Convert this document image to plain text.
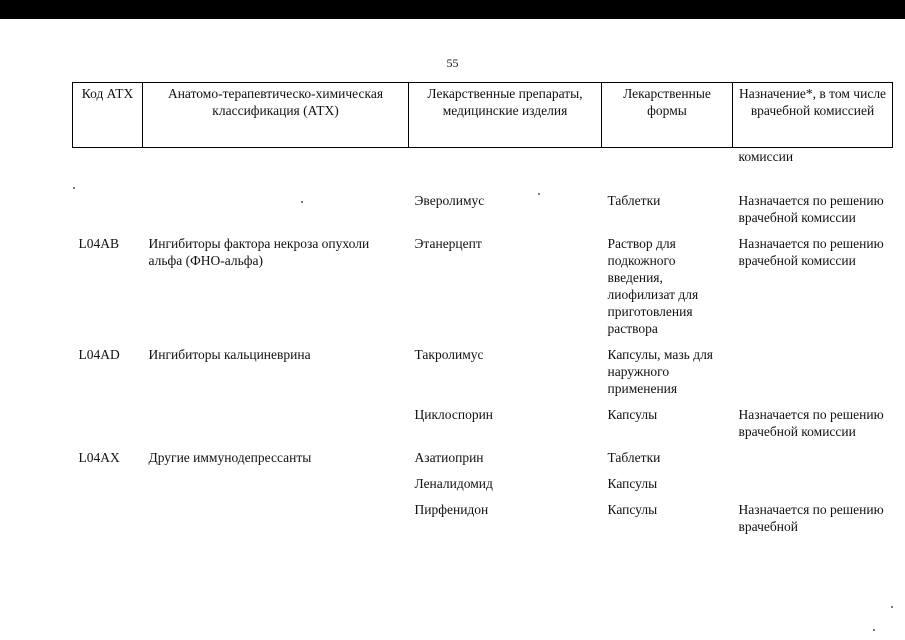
55
Код АТХ	Анатомо-терапевтическо-химическая классификация (АТХ)	Лекарственные препараты, медицинские изделия	Лекарственные формы	Назначение*, в том числе врачебной комиссией
				комиссии
		Эверолимус	Таблетки	Назначается по решению врачебной комиссии
L04AB	Ингибиторы фактора некроза опухоли альфа (ФНО-альфа)	Этанерцепт	Раствор для подкожного введения, лиофилизат для приготовления раствора	Назначается по решению врачебной комиссии
L04AD	Ингибиторы кальциневрина	Такролимус	Капсулы, мазь для наружного применения	
		Циклоспорин	Капсулы	Назначается по решению врачебной комиссии
L04AX	Другие иммунодепрессанты	Азатиоприн	Таблетки	
		Леналидомид	Капсулы	
		Пирфенидон	Капсулы	Назначается по решению врачебной
